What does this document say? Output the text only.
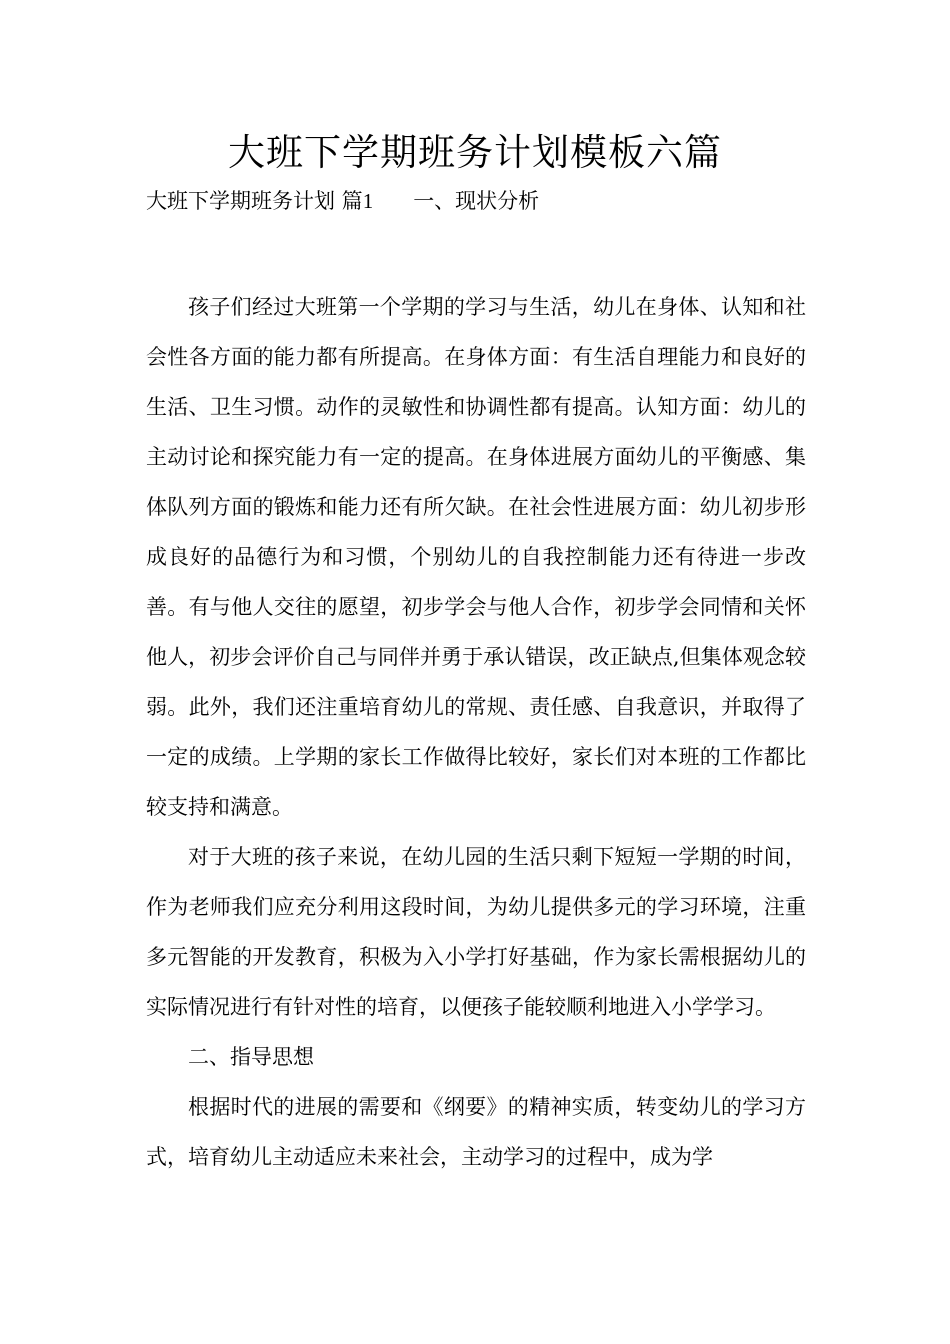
大班下学期班务计划模板六篇
大班下学期班务计划 篇1 一、现状分析

孩子们经过大班第一个学期的学习与生活，幼儿在身体、认知和社会性各方面的能力都有所提高。在身体方面：有生活自理能力和良好的生活、卫生习惯。动作的灵敏性和协调性都有提高。认知方面：幼儿的主动讨论和探究能力有一定的提高。在身体进展方面幼儿的平衡感、集体队列方面的锻炼和能力还有所欠缺。在社会性进展方面：幼儿初步形成良好的品德行为和习惯，个别幼儿的自我控制能力还有待进一步改善。有与他人交往的愿望，初步学会与他人合作，初步学会同情和关怀他人，初步会评价自己与同伴并勇于承认错误，改正缺点,但集体观念较弱。此外，我们还注重培育幼儿的常规、责任感、自我意识，并取得了一定的成绩。上学期的家长工作做得比较好，家长们对本班的工作都比较支持和满意。

对于大班的孩子来说，在幼儿园的生活只剩下短短一学期的时间，作为老师我们应充分利用这段时间，为幼儿提供多元的学习环境，注重多元智能的开发教育，积极为入小学打好基础，作为家长需根据幼儿的实际情况进行有针对性的培育，以便孩子能较顺利地进入小学学习。

二、指导思想

根据时代的进展的需要和《纲要》的精神实质，转变幼儿的学习方式，培育幼儿主动适应未来社会，主动学习的过程中，成为学
